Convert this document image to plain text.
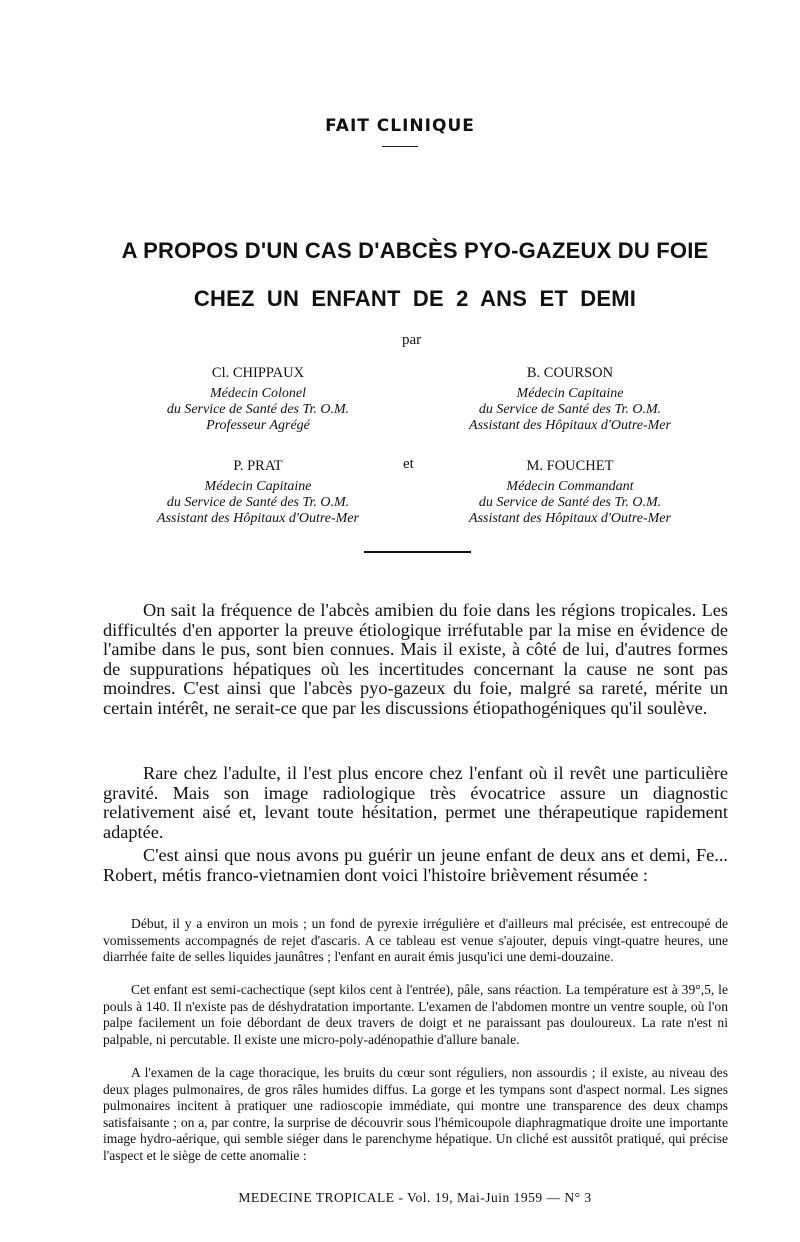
FAIT CLINIQUE
A PROPOS D'UN CAS D'ABCÈS PYO-GAZEUX DU FOIE
CHEZ UN ENFANT DE 2 ANS ET DEMI
par
Cl. CHIPPAUX
Médecin Colonel
du Service de Santé des Tr. O.M.
Professeur Agrégé
B. COURSON
Médecin Capitaine
du Service de Santé des Tr. O.M.
Assistant des Hôpitaux d'Outre-Mer
et
P. PRAT
Médecin Capitaine
du Service de Santé des Tr. O.M.
Assistant des Hôpitaux d'Outre-Mer
M. FOUCHET
Médecin Commandant
du Service de Santé des Tr. O.M.
Assistant des Hôpitaux d'Outre-Mer

On sait la fréquence de l'abcès amibien du foie dans les régions tropicales. Les difficultés d'en apporter la preuve étiologique irréfutable par la mise en évidence de l'amibe dans le pus, sont bien connues. Mais il existe, à côté de lui, d'autres formes de suppurations hépatiques où les incertitudes concernant la cause ne sont pas moindres. C'est ainsi que l'abcès pyo-gazeux du foie, malgré sa rareté, mérite un certain intérêt, ne serait-ce que par les discussions étiopathogéniques qu'il soulève.

Rare chez l'adulte, il l'est plus encore chez l'enfant où il revêt une particulière gravité. Mais son image radiologique très évocatrice assure un diagnostic relativement aisé et, levant toute hésitation, permet une thérapeutique rapidement adaptée.

C'est ainsi que nous avons pu guérir un jeune enfant de deux ans et demi, Fe... Robert, métis franco-vietnamien dont voici l'histoire brièvement résumée :

Début, il y a environ un mois ; un fond de pyrexie irrégulière et d'ailleurs mal précisée, est entrecoupé de vomissements accompagnés de rejet d'ascaris. A ce tableau est venue s'ajouter, depuis vingt-quatre heures, une diarrhée faite de selles liquides jaunâtres ; l'enfant en aurait émis jusqu'ici une demi-douzaine.

Cet enfant est semi-cachectique (sept kilos cent à l'entrée), pâle, sans réaction. La température est à 39°,5, le pouls à 140. Il n'existe pas de déshydratation importante. L'examen de l'abdomen montre un ventre souple, où l'on palpe facilement un foie débordant de deux travers de doigt et ne paraissant pas douloureux. La rate n'est ni palpable, ni percutable. Il existe une micro-poly-adénopathie d'allure banale.

A l'examen de la cage thoracique, les bruits du cœur sont réguliers, non assourdis ; il existe, au niveau des deux plages pulmonaires, de gros râles humides diffus. La gorge et les tympans sont d'aspect normal. Les signes pulmonaires incitent à pratiquer une radioscopie immédiate, qui montre une transparence des deux champs satisfaisante ; on a, par contre, la surprise de découvrir sous l'hémicoupole diaphragmatique droite une importante image hydro-aérique, qui semble siéger dans le parenchyme hépatique. Un cliché est aussitôt pratiqué, qui précise l'aspect et le siège de cette anomalie :

MEDECINE TROPICALE - Vol. 19, Mai-Juin 1959 — N° 3
